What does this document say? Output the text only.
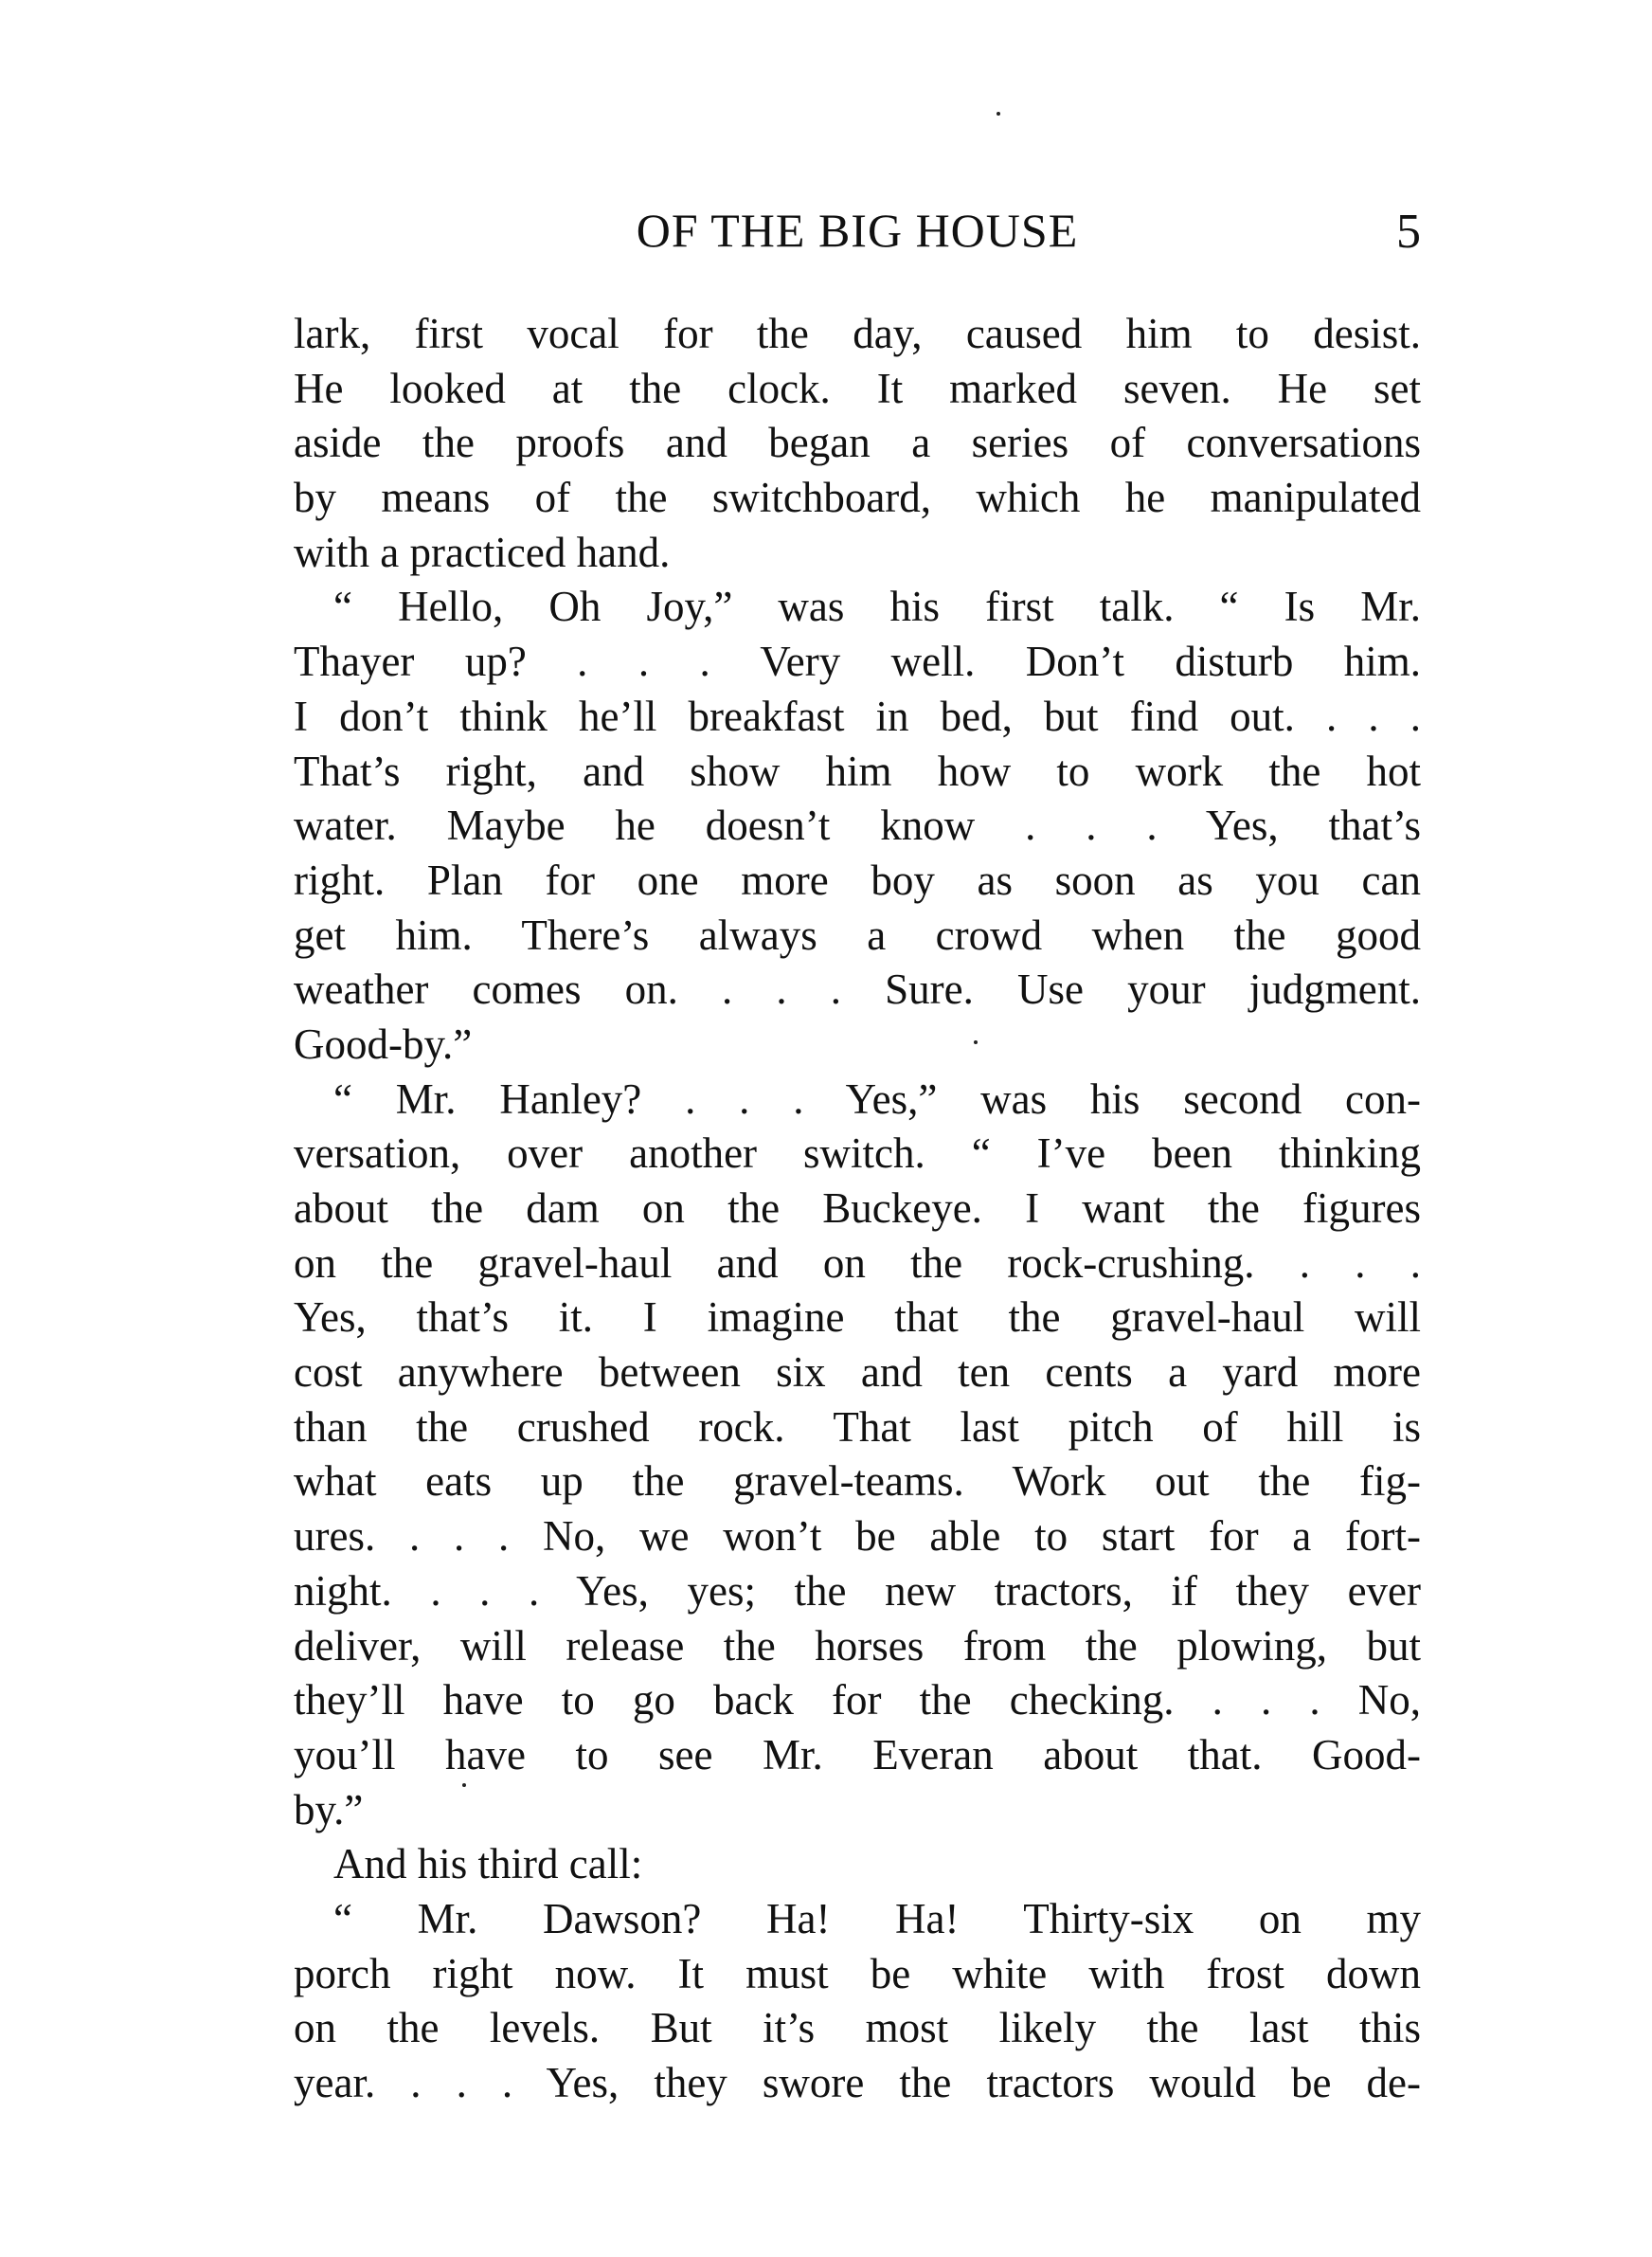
OF THE BIG HOUSE	5
lark, first vocal for the day, caused him to desist.
He looked at the clock. It marked seven. He set
aside the proofs and began a series of conversations
by means of the switchboard, which he manipulated
with a practiced hand.
“ Hello, Oh Joy,” was his first talk. “ Is Mr.
Thayer up? . . . Very well. Don’t disturb him.
I don’t think he’ll breakfast in bed, but find out. . . .
That’s right, and show him how to work the hot
water. Maybe he doesn’t know . . . Yes, that’s
right. Plan for one more boy as soon as you can
get him. There’s always a crowd when the good
weather comes on. . . . Sure. Use your judgment.
Good-by.”
“ Mr. Hanley? . . . Yes,” was his second con-
versation, over another switch. “ I’ve been thinking
about the dam on the Buckeye. I want the figures
on the gravel-haul and on the rock-crushing. . . .
Yes, that’s it. I imagine that the gravel-haul will
cost anywhere between six and ten cents a yard more
than the crushed rock. That last pitch of hill is
what eats up the gravel-teams. Work out the fig-
ures. . . . No, we won’t be able to start for a fort-
night. . . . Yes, yes; the new tractors, if they ever
deliver, will release the horses from the plowing, but
they’ll have to go back for the checking. . . . No,
you’ll have to see Mr. Everan about that. Good-
by.”
And his third call:
“ Mr. Dawson? Ha! Ha! Thirty-six on my
porch right now. It must be white with frost down
on the levels. But it’s most likely the last this
year. . . . Yes, they swore the tractors would be de-
